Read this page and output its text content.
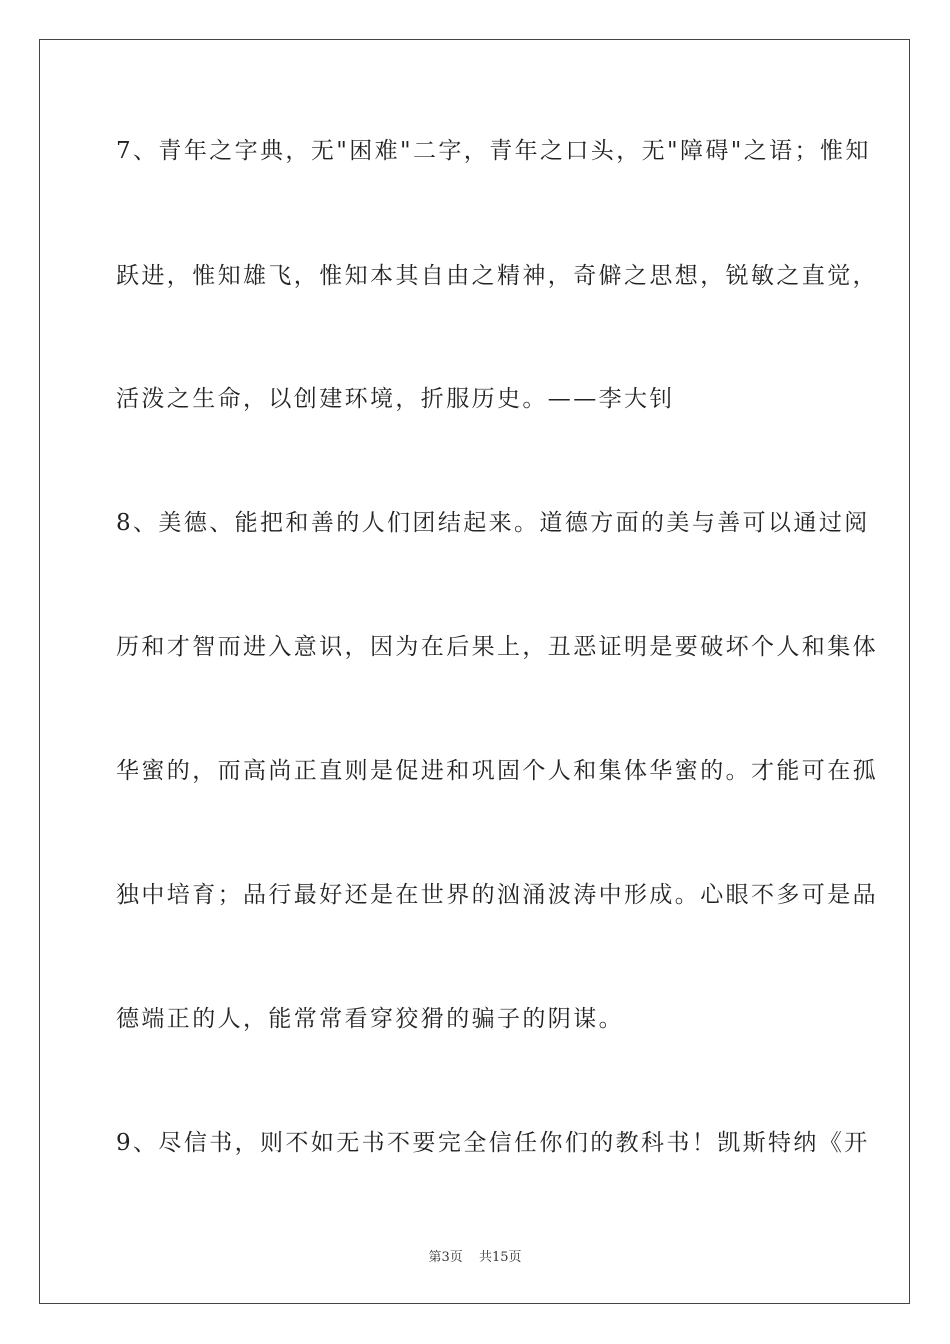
7、青年之字典，无"困难"二字，青年之口头，无"障碍"之语；惟知
跃进，惟知雄飞，惟知本其自由之精神，奇僻之思想，锐敏之直觉，
活泼之生命，以创建环境，折服历史。——李大钊
8、美德、能把和善的人们团结起来。道德方面的美与善可以通过阅
历和才智而进入意识，因为在后果上，丑恶证明是要破坏个人和集体
华蜜的，而高尚正直则是促进和巩固个人和集体华蜜的。才能可在孤
独中培育；品行最好还是在世界的汹涌波涛中形成。心眼不多可是品
德端正的人，能常常看穿狡猾的骗子的阴谋。
9、尽信书，则不如无书不要完全信任你们的教科书！凯斯特纳《开
第3页 共15页
